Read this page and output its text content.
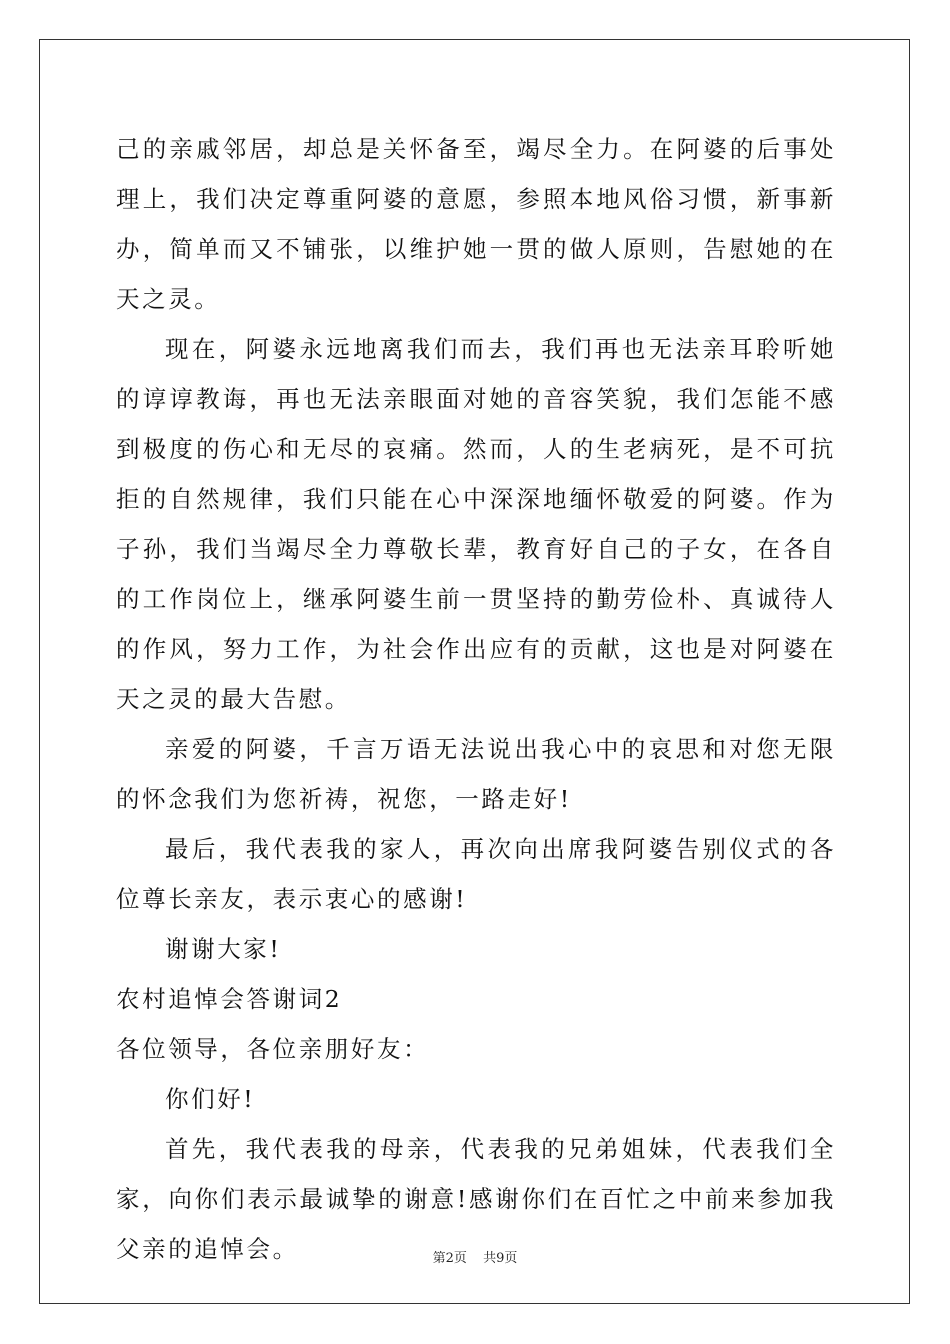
己的亲戚邻居，却总是关怀备至，竭尽全力。在阿婆的后事处理上，我们决定尊重阿婆的意愿，参照本地风俗习惯，新事新办，简单而又不铺张，以维护她一贯的做人原则，告慰她的在天之灵。

现在，阿婆永远地离我们而去，我们再也无法亲耳聆听她的谆谆教诲，再也无法亲眼面对她的音容笑貌，我们怎能不感到极度的伤心和无尽的哀痛。然而，人的生老病死，是不可抗拒的自然规律，我们只能在心中深深地缅怀敬爱的阿婆。作为子孙，我们当竭尽全力尊敬长辈，教育好自己的子女，在各自的工作岗位上，继承阿婆生前一贯坚持的勤劳俭朴、真诚待人的作风，努力工作，为社会作出应有的贡献，这也是对阿婆在天之灵的最大告慰。

亲爱的阿婆，千言万语无法说出我心中的哀思和对您无限的怀念我们为您祈祷，祝您，一路走好!

最后，我代表我的家人，再次向出席我阿婆告别仪式的各位尊长亲友，表示衷心的感谢!

谢谢大家!

农村追悼会答谢词2

各位领导，各位亲朋好友：

你们好!

首先，我代表我的母亲，代表我的兄弟姐妹，代表我们全家，向你们表示最诚挚的谢意!感谢你们在百忙之中前来参加我父亲的追悼会。	第2页 共9页
